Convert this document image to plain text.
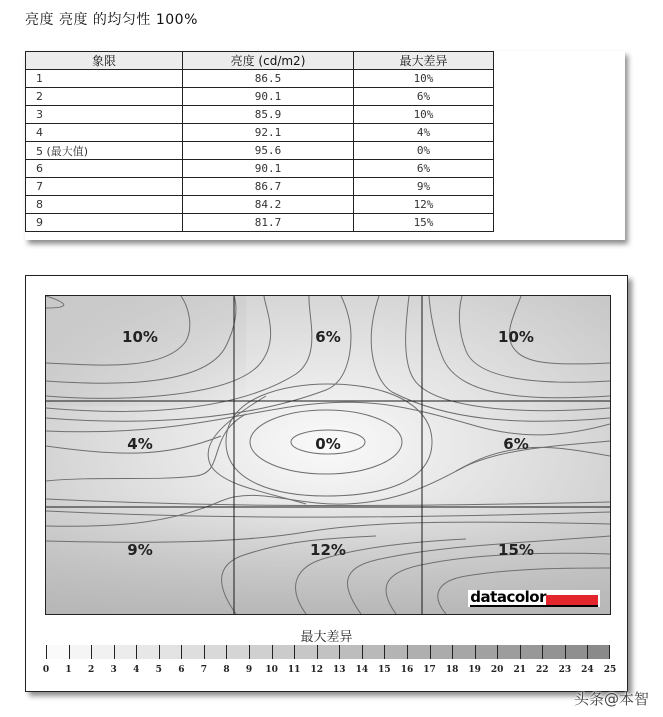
亮度 亮度 的均匀性 100%
象限	亮度 (cd/m2)	最大差异
1	86.5	10%
2	90.1	6%
3	85.9	10%
4	92.1	4%
5 (最大值)	95.6	0%
6	90.1	6%
7	86.7	9%
8	84.2	12%
9	81.7	15%
10%	6%	10%
4%	0%	6%
9%	12%	15%
datacolor
最大差异
0 1 2 3 4 5 6 7 8 9 10 11 12 13 14 15 16 17 18 19 20 21 22 23 24 25
头条@本智
